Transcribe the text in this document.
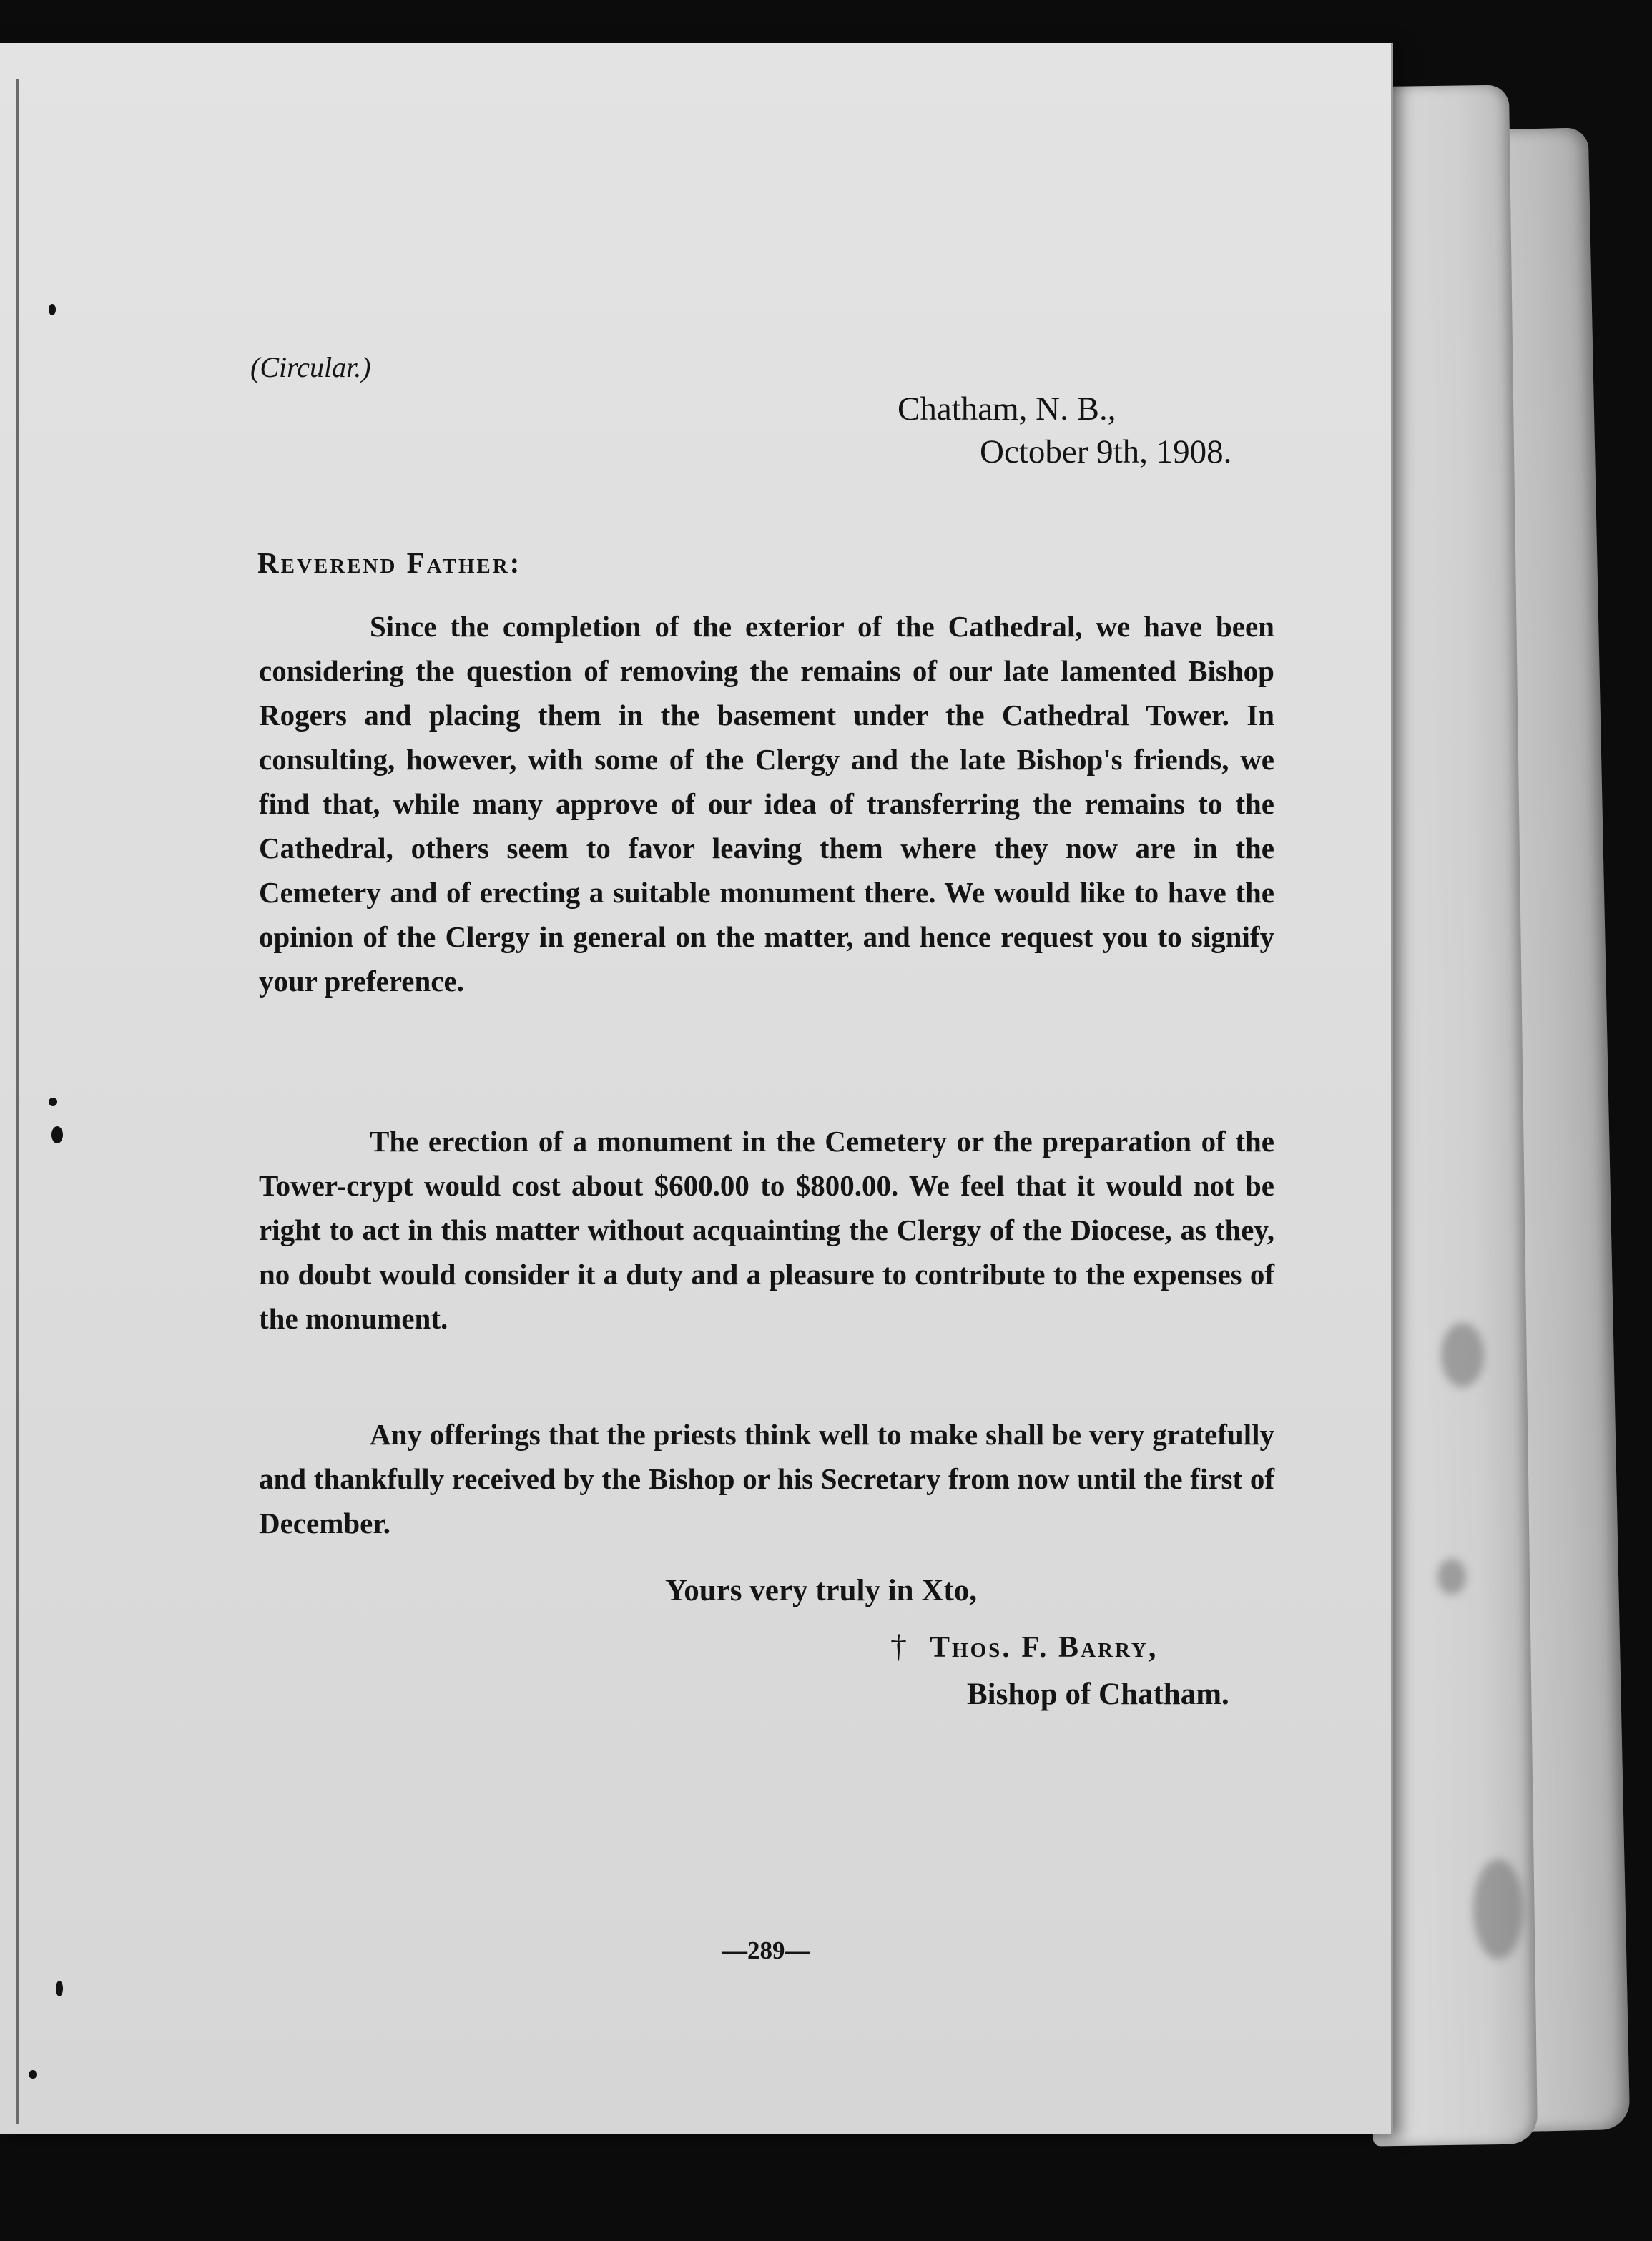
(Circular.)
Chatham, N. B.,
October 9th, 1908.
Reverend Father:

Since the completion of the exterior of the Cathedral, we have been considering the question of removing the remains of our late lamented Bishop Rogers and placing them in the basement under the Cathedral Tower. In consulting, however, with some of the Clergy and the late Bishop's friends, we find that, while many approve of our idea of transferring the remains to the Cathedral, others seem to favor leaving them where they now are in the Cemetery and of erecting a suitable monument there. We would like to have the opinion of the Clergy in general on the matter, and hence request you to signify your preference.

The erection of a monument in the Cemetery or the preparation of the Tower-crypt would cost about $600.00 to $800.00. We feel that it would not be right to act in this matter without acquainting the Clergy of the Diocese, as they, no doubt would consider it a duty and a pleasure to contribute to the expenses of the monument.

Any offerings that the priests think well to make shall be very gratefully and thankfully received by the Bishop or his Secretary from now until the first of December.

Yours very truly in Xto,
† Thos. F. Barry,
Bishop of Chatham.
—289—
